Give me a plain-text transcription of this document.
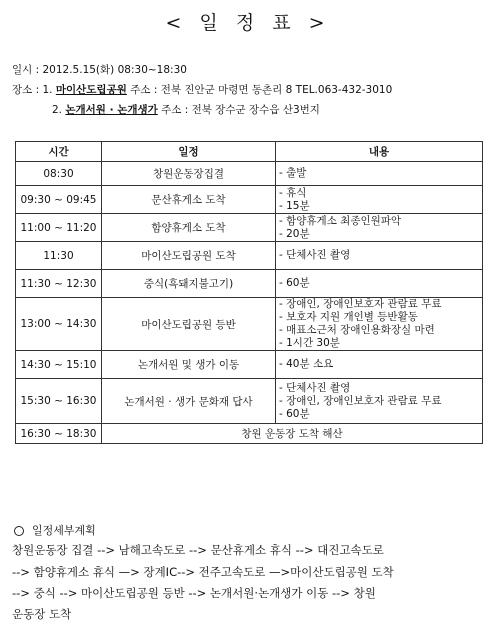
< 일 정 표 >
일시 : 2012.5.15(화) 08:30~18:30
장소 : 1. 마이산도립공원 주소 : 전북 진안군 마령면 동촌리 8 TEL.063-432-3010
2. 논개서원 · 논개생가 주소 : 전북 장수군 장수읍 산3번지
시간	일정	내용
08:30	창원운동장집결	- 출발

09:30 ~ 09:45	문산휴게소 도착	- 휴식
- 15분

11:00 ~ 11:20	함양휴게소 도착	- 함양휴게소 최종인원파악
- 20분

11:30	마이산도립공원 도착	- 단체사진 촬영

11:30 ~ 12:30	중식(흑돼지불고기)	- 60분

13:00 ~ 14:30	마이산도립공원 등반	- 장애인, 장애인보호자 관람료 무료
- 보호자 지원 개인별 등반활동
- 매표소근처 장애인용화장실 마련
- 1시간 30분

14:30 ~ 15:10	논개서원 및 생가 이동	- 40분 소요

15:30 ~ 16:30	논개서원 · 생가 문화재 답사	- 단체사진 촬영
- 장애인, 장애인보호자 관람료 무료
- 60분

16:30 ~ 18:30	창원 운동장 도착 해산	
일정세부계획
창원운동장 집결 --> 남해고속도로 --> 문산휴게소 휴식 --> 대진고속도로
--> 함양휴게소 휴식 —> 장계IC--> 전주고속도로 —>마이산도립공원 도착
--> 중식 --> 마이산도립공원 등반 --> 논개서원·논개생가 이동 --> 창원
운동장 도착
